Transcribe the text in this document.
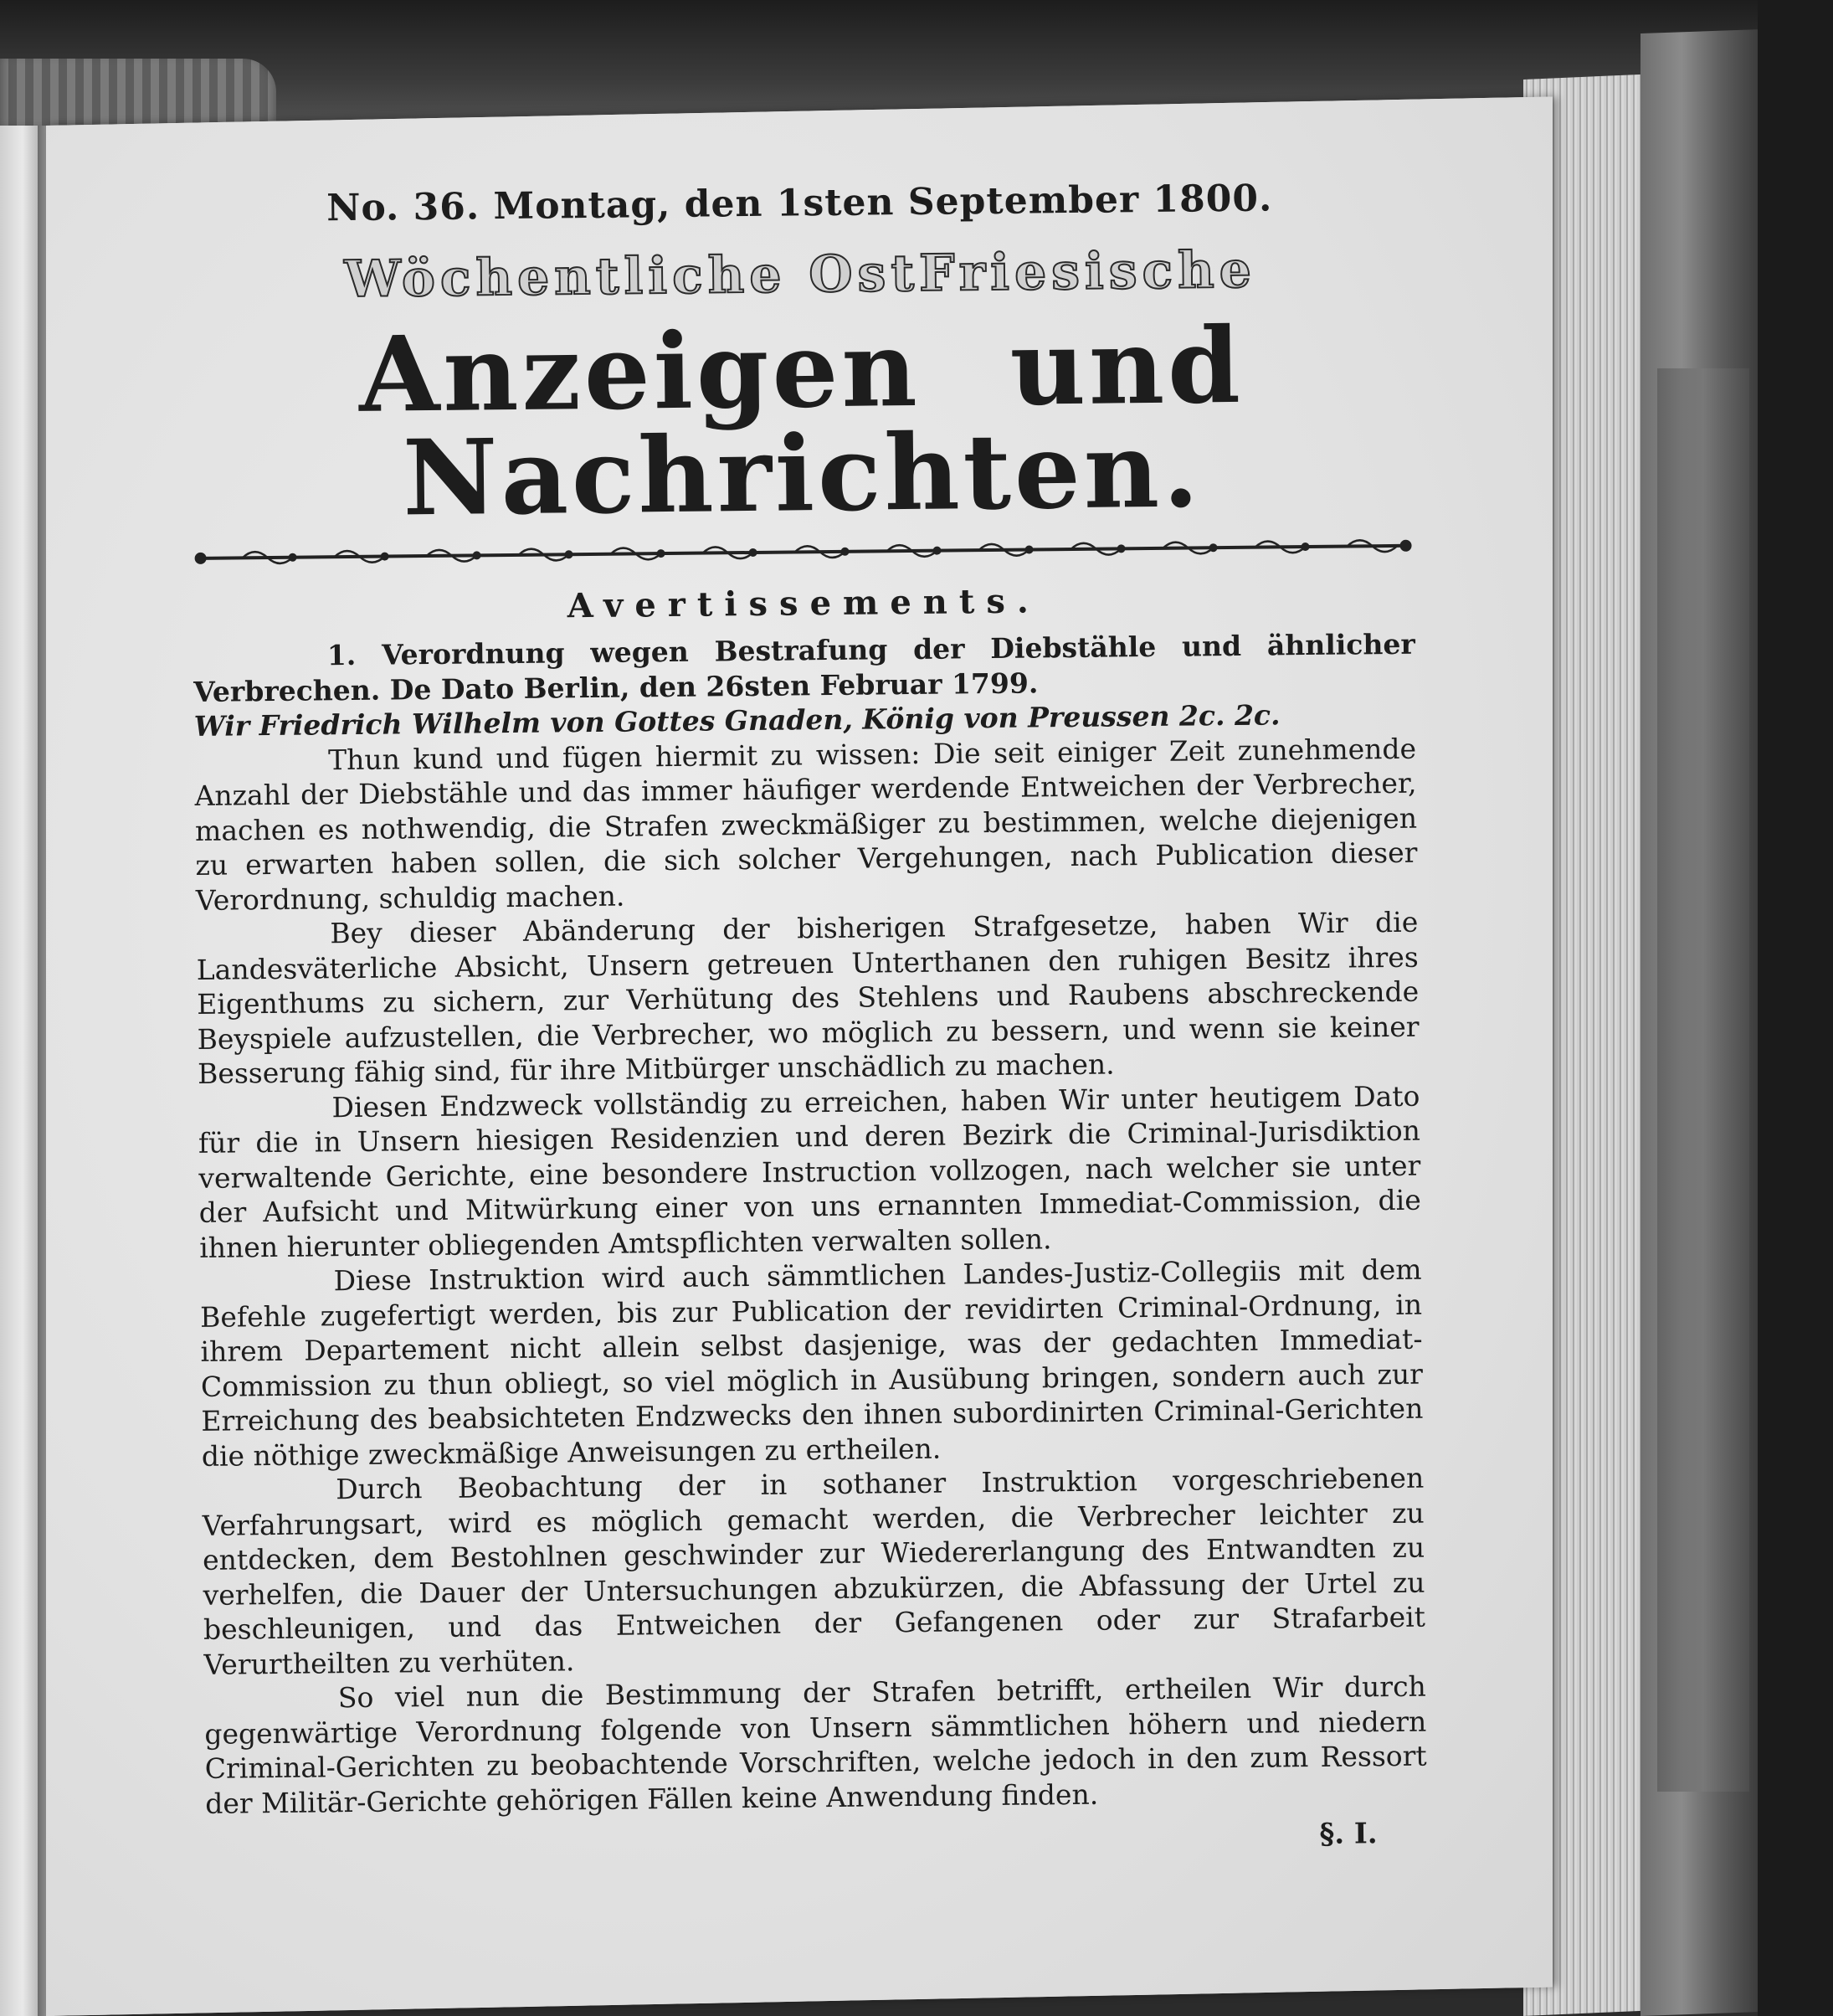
No. 36. Montag, den 1sten September 1800.
Wöchentliche OstFriesische
Anzeigen und Nachrichten.
Avertissements.

1. Verordnung wegen Bestrafung der Diebstähle und ähnlicher Verbrechen. De Dato Berlin, den 26sten Februar 1799.

Wir Friedrich Wilhelm von Gottes Gnaden, König von Preussen 2c. 2c.

Thun kund und fügen hiermit zu wissen: Die seit einiger Zeit zunehmende Anzahl der Diebstähle und das immer häufiger werdende Entweichen der Verbrecher, machen es nothwendig, die Strafen zweckmäßiger zu bestimmen, welche diejenigen zu erwarten haben sollen, die sich solcher Vergehungen, nach Publication dieser Verordnung, schuldig machen.

Bey dieser Abänderung der bisherigen Strafgesetze, haben Wir die Landesväterliche Absicht, Unsern getreuen Unterthanen den ruhigen Besitz ihres Eigenthums zu sichern, zur Verhütung des Stehlens und Raubens abschreckende Beyspiele aufzustellen, die Verbrecher, wo möglich zu bessern, und wenn sie keiner Besserung fähig sind, für ihre Mitbürger unschädlich zu machen.

Diesen Endzweck vollständig zu erreichen, haben Wir unter heutigem Dato für die in Unsern hiesigen Residenzien und deren Bezirk die Criminal-Jurisdiktion verwaltende Gerichte, eine besondere Instruction vollzogen, nach welcher sie unter der Aufsicht und Mitwürkung einer von uns ernannten Immediat-Commission, die ihnen hierunter obliegenden Amtspflichten verwalten sollen.

Diese Instruktion wird auch sämmtlichen Landes-Justiz-Collegiis mit dem Befehle zugefertigt werden, bis zur Publication der revidirten Criminal-Ordnung, in ihrem Departement nicht allein selbst dasjenige, was der gedachten Immediat-Commission zu thun obliegt, so viel möglich in Ausübung bringen, sondern auch zur Erreichung des beabsichteten Endzwecks den ihnen subordinirten Criminal-Gerichten die nöthige zweckmäßige Anweisungen zu ertheilen.

Durch Beobachtung der in sothaner Instruktion vorgeschriebenen Verfahrungsart, wird es möglich gemacht werden, die Verbrecher leichter zu entdecken, dem Bestohlnen geschwinder zur Wiedererlangung des Entwandten zu verhelfen, die Dauer der Untersuchungen abzukürzen, die Abfassung der Urtel zu beschleunigen, und das Entweichen der Gefangenen oder zur Strafarbeit Verurtheilten zu verhüten.

So viel nun die Bestimmung der Strafen betrifft, ertheilen Wir durch gegenwärtige Verordnung folgende von Unsern sämmtlichen höhern und niedern Criminal-Gerichten zu beobachtende Vorschriften, welche jedoch in den zum Ressort der Militär-Gerichte gehörigen Fällen keine Anwendung finden.

§. I.
